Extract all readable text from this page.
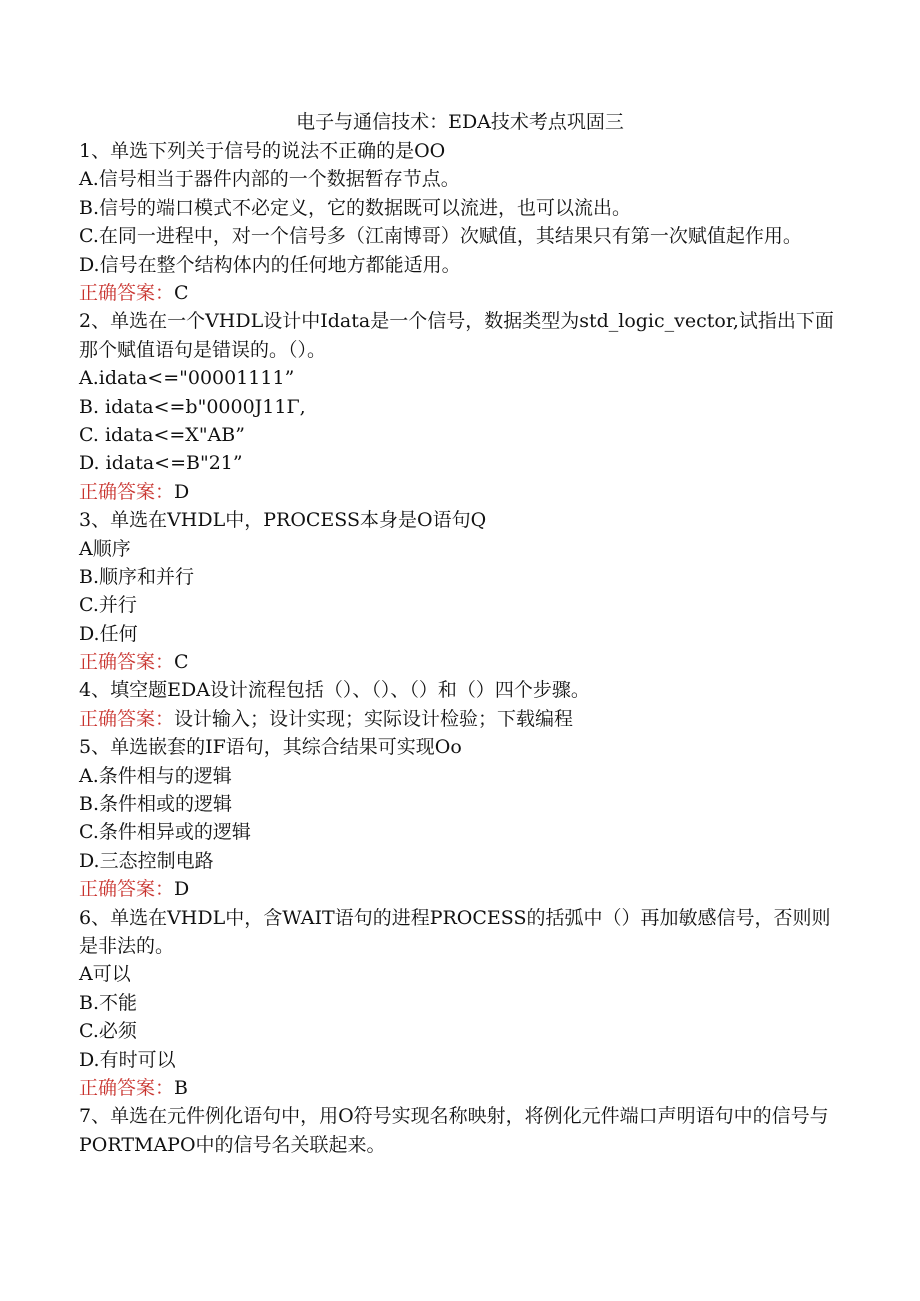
电子与通信技术：EDA技术考点巩固三
1、单选下列关于信号的说法不正确的是OO
A.信号相当于器件内部的一个数据暂存节点。
B.信号的端口模式不必定义，它的数据既可以流进，也可以流出。
C.在同一进程中，对一个信号多（江南博哥）次赋值，其结果只有第一次赋值起作用。
D.信号在整个结构体内的任何地方都能适用。
正确答案：C
2、单选在一个VHDL设计中Idata是一个信号，数据类型为std_logic_vector,试指出下面那个赋值语句是错误的。（）。
A.idata<="00001111”
B. idata<=b"0000J11Γ,
C. idata<=X"AB”
D. idata<=B"21”
正确答案：D
3、单选在VHDL中，PROCESS本身是O语句Q
A顺序
B.顺序和并行
C.并行
D.任何
正确答案：C
4、填空题EDA设计流程包括（）、（）、（）和（）四个步骤。
正确答案：设计输入；设计实现；实际设计检验；下载编程
5、单选嵌套的IF语句，其综合结果可实现Oo
A.条件相与的逻辑
B.条件相或的逻辑
C.条件相异或的逻辑
D.三态控制电路
正确答案：D
6、单选在VHDL中，含WAIT语句的进程PROCESS的括弧中（）再加敏感信号，否则则是非法的。
A可以
B.不能
C.必须
D.有时可以
正确答案：B
7、单选在元件例化语句中，用O符号实现名称映射，将例化元件端口声明语句中的信号与PORTMAPO中的信号名关联起来。
